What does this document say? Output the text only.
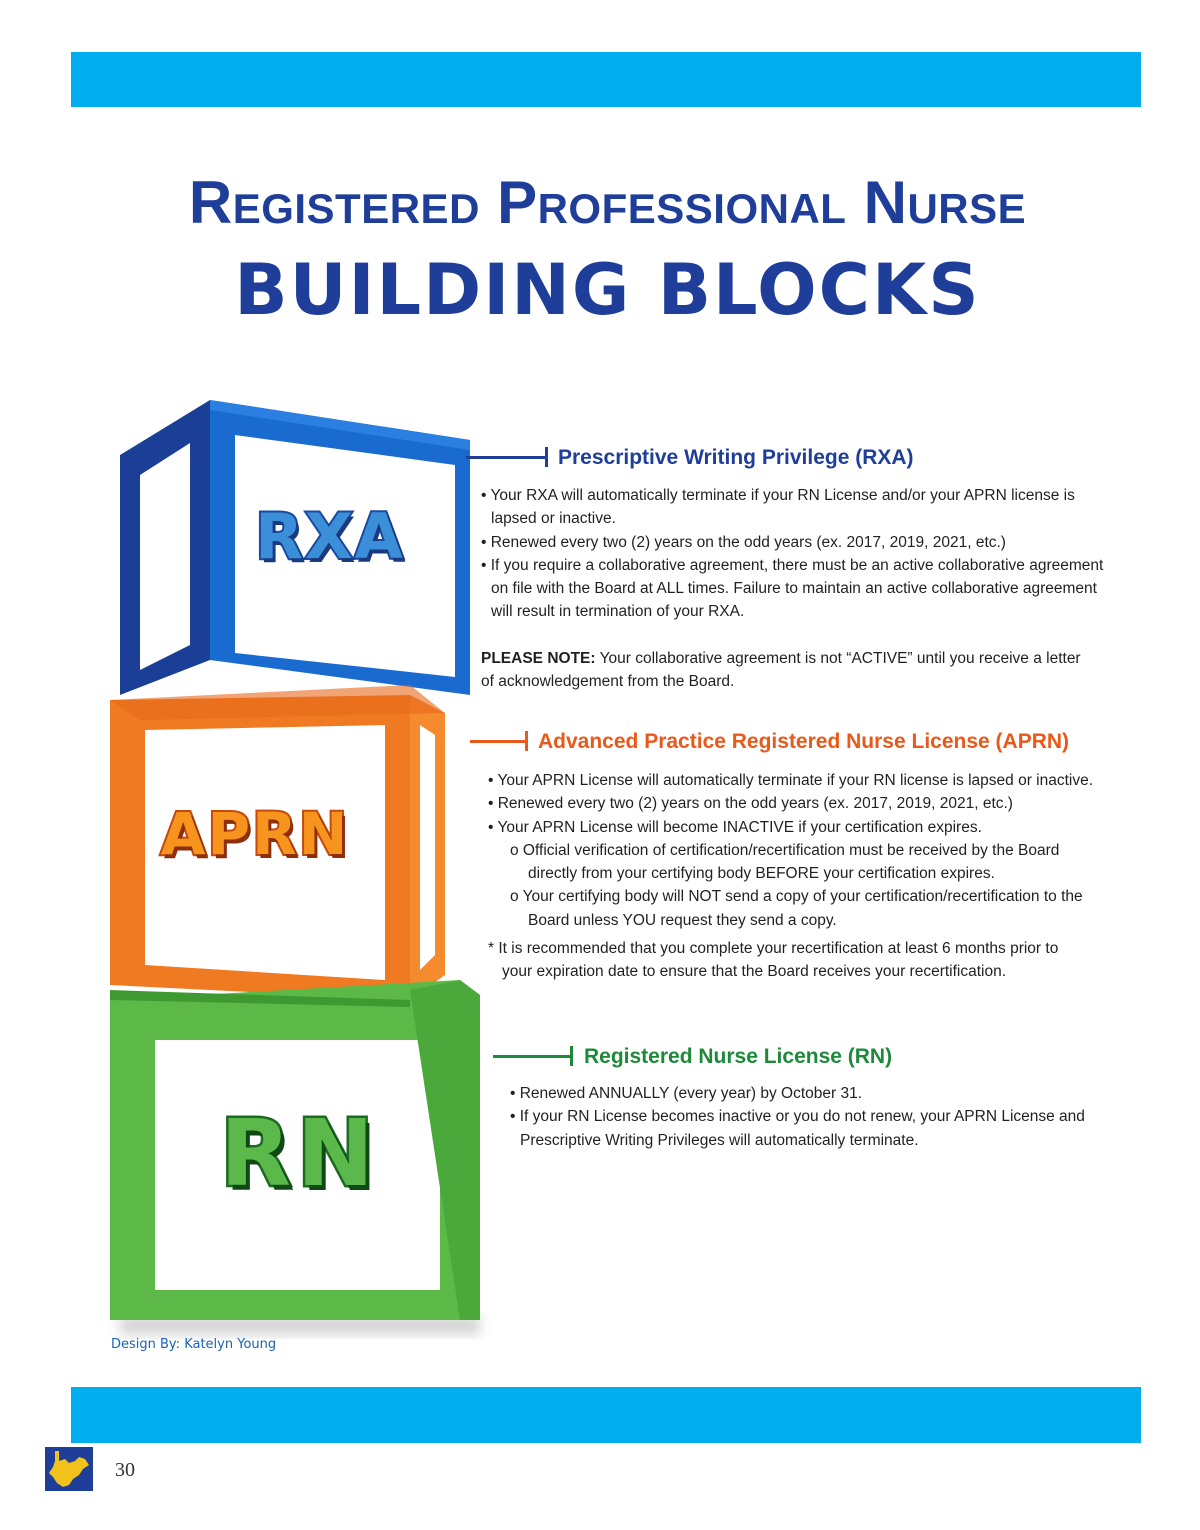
Registered Professional Nurse
BUILDING BLOCKS
RXA
APRN
RN
Prescriptive Writing Privilege (RXA)

• Your RXA will automatically terminate if your RN License and/or your APRN license is

lapsed or inactive.

• Renewed every two (2) years on the odd years (ex. 2017, 2019, 2021, etc.)

• If you require a collaborative agreement, there must be an active collaborative agreement

on file with the Board at ALL times. Failure to maintain an active collaborative agreement

will result in termination of your RXA.

PLEASE NOTE: Your collaborative agreement is not “ACTIVE” until you receive a letter

of acknowledgement from the Board.

Advanced Practice Registered Nurse License (APRN)

• Your APRN License will automatically terminate if your RN license is lapsed or inactive.

• Renewed every two (2) years on the odd years (ex. 2017, 2019, 2021, etc.)

• Your APRN License will become INACTIVE if your certification expires.

o Official verification of certification/recertification must be received by the Board

directly from your certifying body BEFORE your certification expires.

o Your certifying body will NOT send a copy of your certification/recertification to the

Board unless YOU request they send a copy.

* It is recommended that you complete your recertification at least 6 months prior to

your expiration date to ensure that the Board receives your recertification.

Registered Nurse License (RN)

• Renewed ANNUALLY (every year) by October 31.

• If your RN License becomes inactive or you do not renew, your APRN License and

Prescriptive Writing Privileges will automatically terminate.

Design By: Katelyn Young
30
